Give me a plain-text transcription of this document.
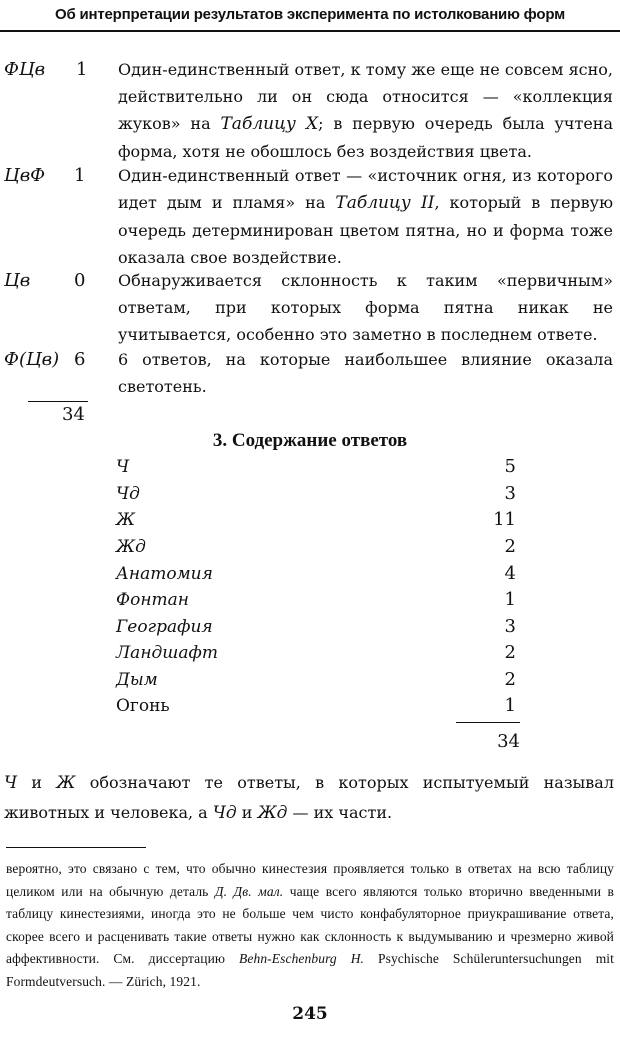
Об интерпретации результатов эксперимента по истолкованию форм
ФЦв 1 Один-единственный ответ, к тому же еще не совсем ясно, действительно ли он сюда относится — «коллекция жуков» на Таблицу X; в первую очередь была учтена форма, хотя не обошлось без воздействия цвета.
ЦвФ 1 Один-единственный ответ — «источник огня, из которого идет дым и пламя» на Таблицу II, который в первую очередь детерминирован цветом пятна, но и форма тоже оказала свое воздействие.
Цв 0 Обнаруживается склонность к таким «первичным» ответам, при которых форма пятна никак не учитывается, особенно это заметно в последнем ответе.
Ф(Цв) 6 6 ответов, на которые наибольшее влияние оказала светотень.
34
3. Содержание ответов
Ч	5
Чд	3
Ж	11
Жд	2
Анатомия	4
Фонтан	1
География	3
Ландшафт	2
Дым	2
Огонь	1
34
Ч и Ж обозначают те ответы, в которых испытуемый называл животных и человека, а Чд и Жд — их части.
вероятно, это связано с тем, что обычно кинестезия проявляется только в ответах на всю таблицу целиком или на обычную деталь Д. Дв. мал. чаще всего являются только вторично введенными в таблицу кинестезиями, иногда это не больше чем чисто конфабуляторное приукрашивание ответа, скорее всего и расценивать такие ответы нужно как склонность к выдумыванию и чрезмерно живой аффективности. См. диссертацию Behn-Eschenburg H. Psychische Schüleruntersuchungen mit Formdeutversuch. — Zürich, 1921.
245
